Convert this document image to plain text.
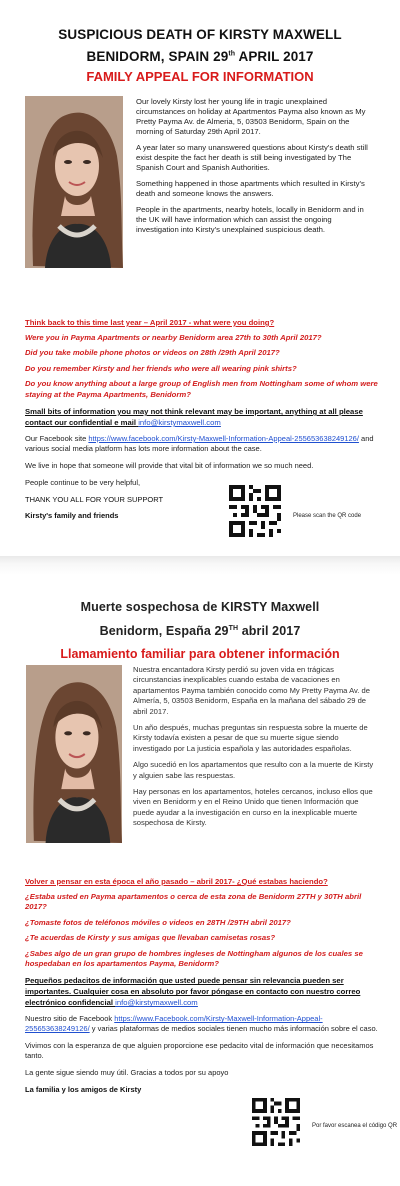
SUSPICIOUS DEATH OF KIRSTY MAXWELL
BENIDORM, SPAIN 29th APRIL 2017
FAMILY APPEAL FOR INFORMATION

Our lovely Kirsty lost her young life in tragic unexplained circumstances on holiday at Apartmentos Payma also known as My Pretty Payma Av. de Almeria, 5, 03503 Benidorm, Spain on the morning of Saturday 29th April 2017.

A year later so many unanswered questions about Kirsty's death still exist despite the fact her death is still being investigated by The Spanish Court and Spanish Authorities.

Something happened in those apartments which resulted in Kirsty's death and someone knows the answers.

People in the apartments, nearby hotels, locally in Benidorm and in the UK will have information which can assist the ongoing investigation into Kirsty's unexplained suspicious death.

Think back to this time last year – April 2017 - what were you doing?
Were you in Payma Apartments or nearby Benidorm area 27th to 30th April 2017?
Did you take mobile phone photos or videos on 28th /29th April 2017?
Do you remember Kirsty and her friends who were all wearing pink shirts?
Do you know anything about a large group of English men from Nottingham some of whom were staying at the Payma Apartments, Benidorm?
Small bits of information you may not think relevant may be important, anything at all please contact our confidential e mail info@kirstymaxwell.com
Our Facebook site https://www.facebook.com/Kirsty-Maxwell-Information-Appeal-255653638249126/ and various social media platform has lots more information about the case.
We live in hope that someone will provide that vital bit of information we so much need.
People continue to be very helpful,
THANK YOU ALL FOR YOUR SUPPORT
Kirsty's family and friends	Please scan the QR code
Muerte sospechosa de KIRSTY Maxwell
Benidorm, España 29TH abril 2017
Llamamiento familiar para obtener información

Nuestra encantadora Kirsty perdió su joven vida en trágicas circunstancias inexplicables cuando estaba de vacaciones en apartamentos Payma también conocido como My Pretty Payma Av. de Almería, 5, 03503 Benidorm, España en la mañana del sábado 29 de abril 2017.

Un año después, muchas preguntas sin respuesta sobre la muerte de Kirsty todavía existen a pesar de que su muerte sigue siendo investigado por La justicia española y las autoridades españolas.

Algo sucedió en los apartamentos que resulto con a la muerte de Kirsty y alguien sabe las respuestas.

Hay personas en los apartamentos, hoteles cercanos, incluso ellos que viven en Benidorm y en el Reino Unido que tienen Información que puede ayudar a la investigación en curso en la inexplicable muerte sospechosa de Kirsty.

Volver a pensar en esta época el año pasado – abril 2017- ¿Qué estabas haciendo?
¿Estaba usted en Payma apartamentos o cerca de esta zona de Benidorm 27TH y 30TH abril 2017?
¿Tomaste fotos de teléfonos móviles o videos en 28TH /29TH abril 2017?
¿Te acuerdas de Kirsty y sus amigas que llevaban camisetas rosas?
¿Sabes algo de un gran grupo de hombres ingleses de Nottingham algunos de los cuales se hospedaban en los apartamentos Payma, Benidorm?
Pequeños pedacitos de información que usted puede pensar sin relevancia pueden ser importantes. Cualquier cosa en absoluto por favor póngase en contacto con nuestro correo electrónico confidencial info@kirstymaxwell.com
Nuestro sitio de Facebook https://www.Facebook.com/Kirsty-Maxwell-Information-Appeal-255653638249126/ y varias plataformas de medios sociales tienen mucho más información sobre el caso.
Vivimos con la esperanza de que alguien proporcione ese pedacito vital de información que necesitamos tanto.
La gente sigue siendo muy útil. Gracias a todos por su apoyo
La familia y los amigos de Kirsty
Por favor escanea el código QR
